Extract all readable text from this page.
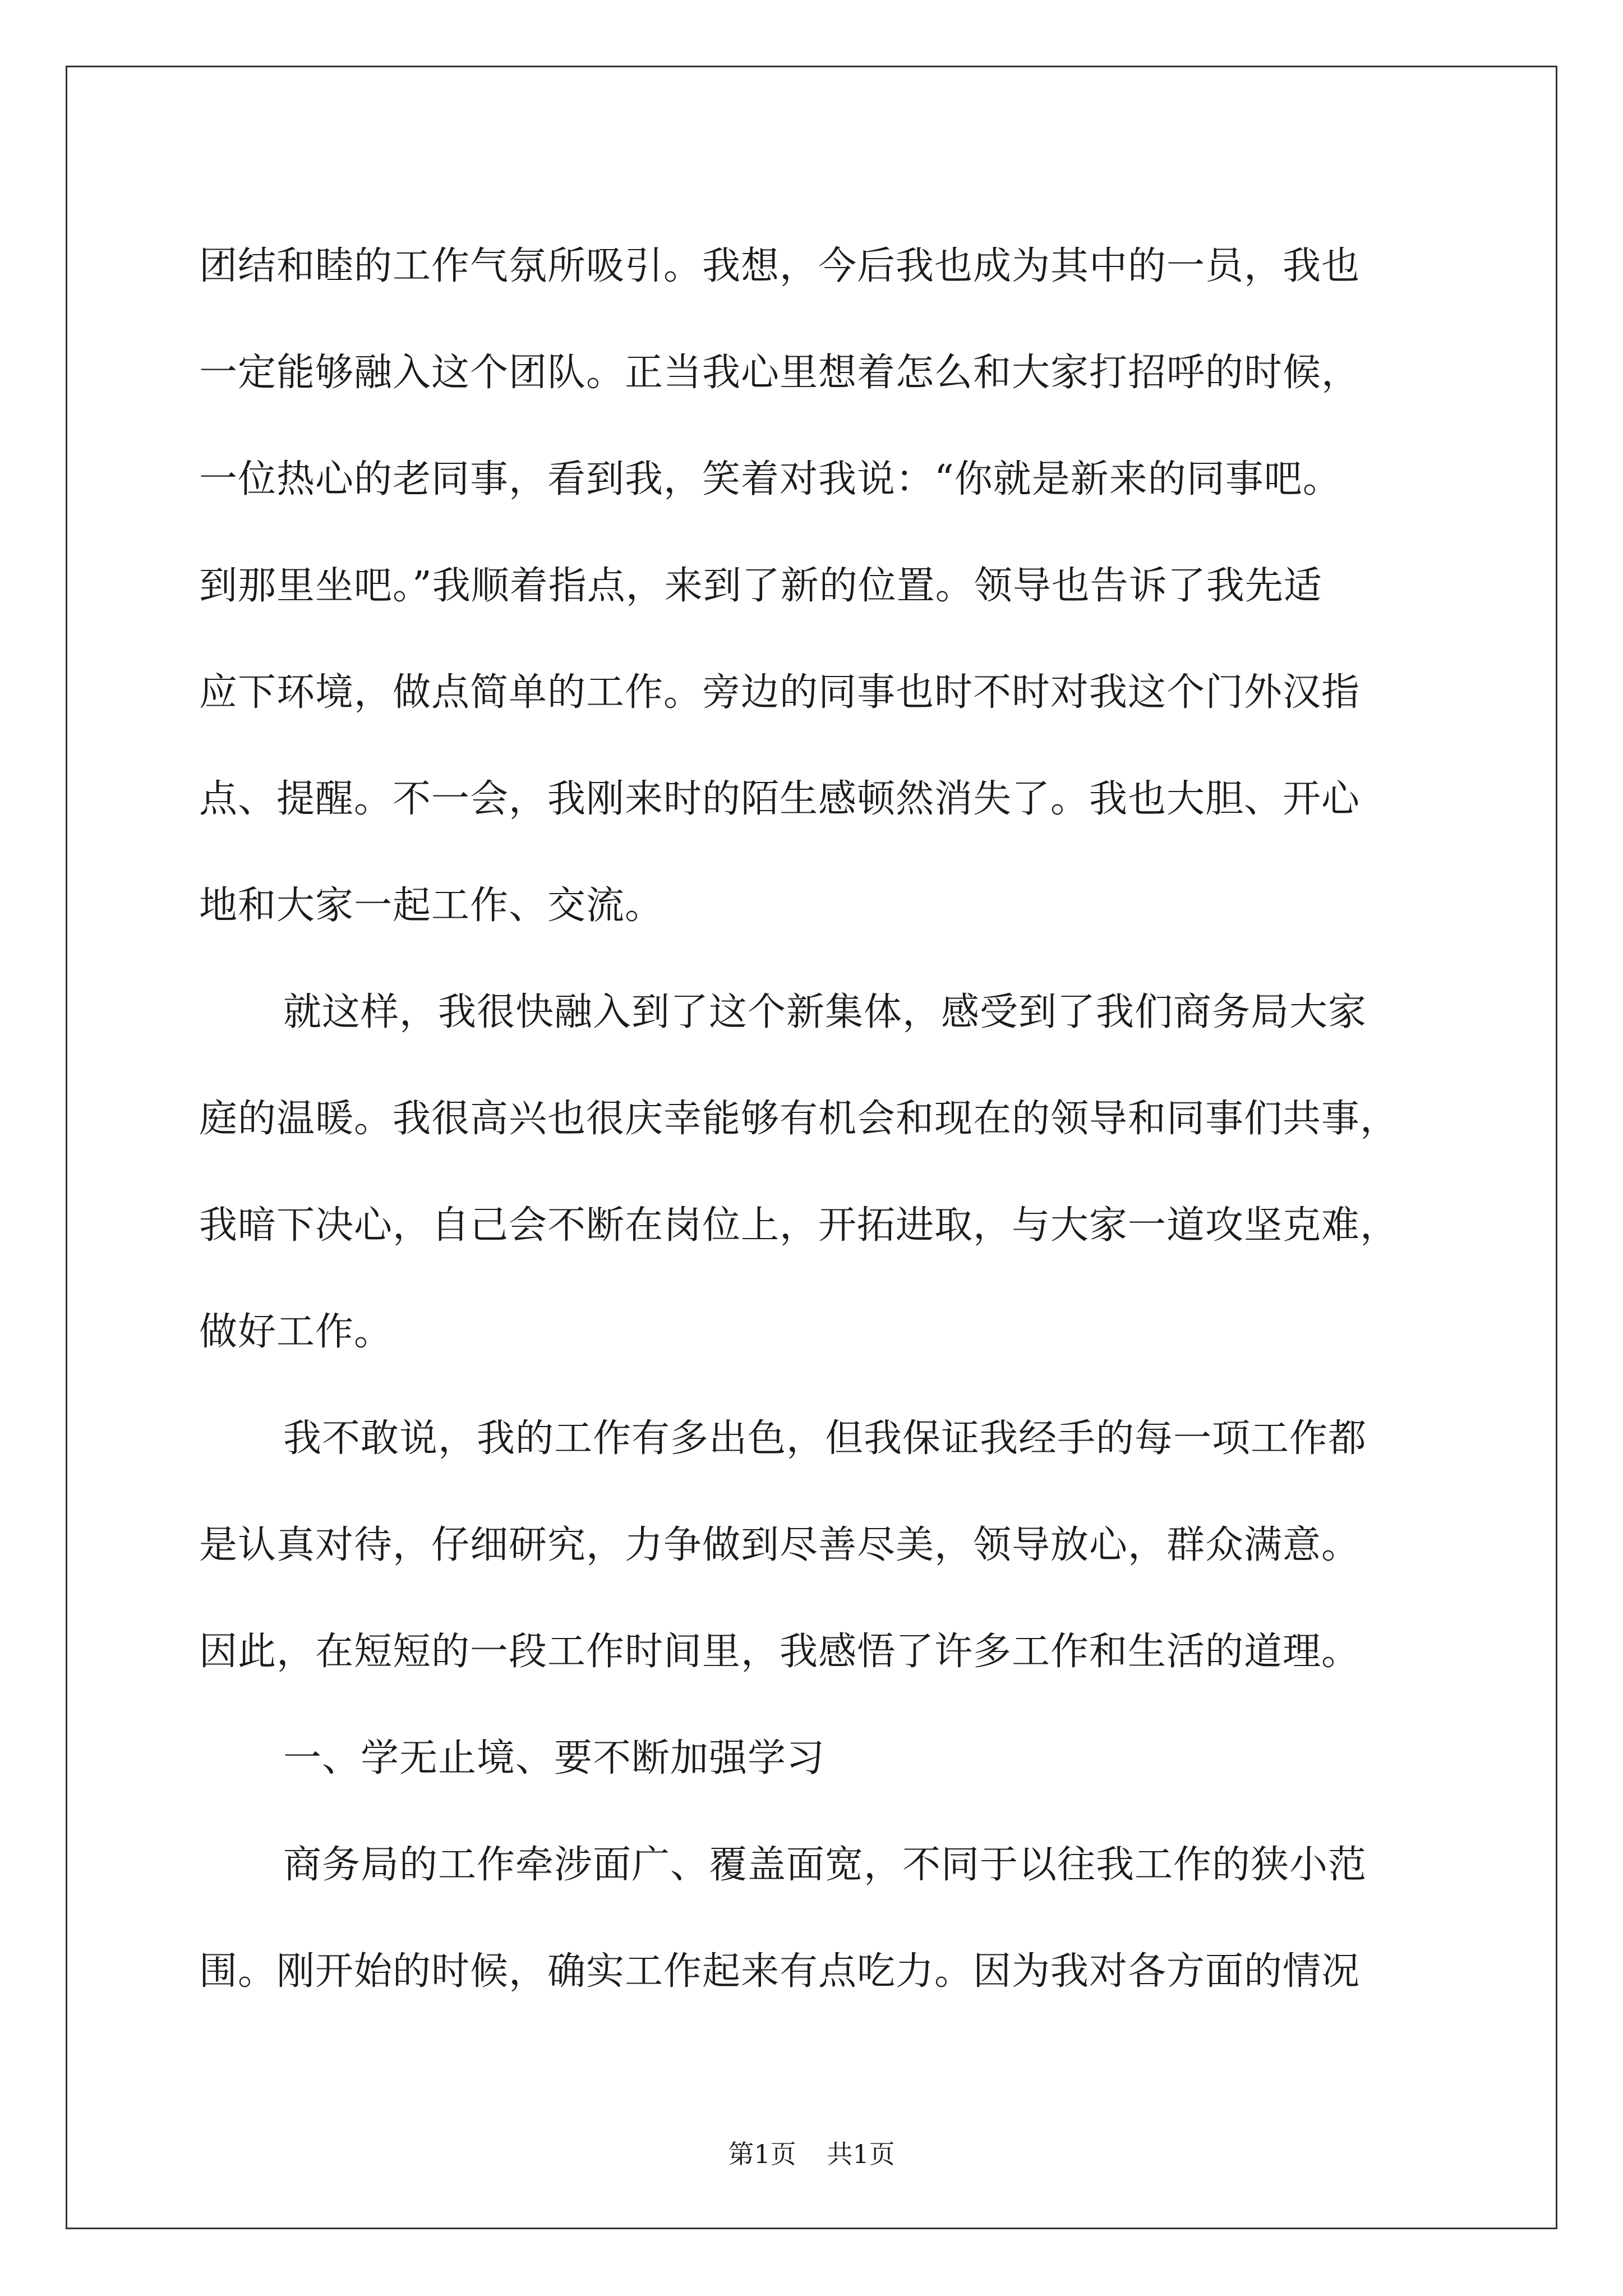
团结和睦的工作气氛所吸引。我想，今后我也成为其中的一员，我也
一定能够融入这个团队。正当我心里想着怎么和大家打招呼的时候，
一位热心的老同事，看到我，笑着对我说：“你就是新来的同事吧。
到那里坐吧。”我顺着指点，来到了新的位置。领导也告诉了我先适
应下环境，做点简单的工作。旁边的同事也时不时对我这个门外汉指
点、提醒。不一会，我刚来时的陌生感顿然消失了。我也大胆、开心
地和大家一起工作、交流。
就这样，我很快融入到了这个新集体，感受到了我们商务局大家
庭的温暖。我很高兴也很庆幸能够有机会和现在的领导和同事们共事，
我暗下决心，自己会不断在岗位上，开拓进取，与大家一道攻坚克难，
做好工作。
我不敢说，我的工作有多出色，但我保证我经手的每一项工作都
是认真对待，仔细研究，力争做到尽善尽美，领导放心，群众满意。
因此，在短短的一段工作时间里，我感悟了许多工作和生活的道理。
一、学无止境、要不断加强学习
商务局的工作牵涉面广、覆盖面宽，不同于以往我工作的狭小范
围。刚开始的时候，确实工作起来有点吃力。因为我对各方面的情况
第1页 共1页
